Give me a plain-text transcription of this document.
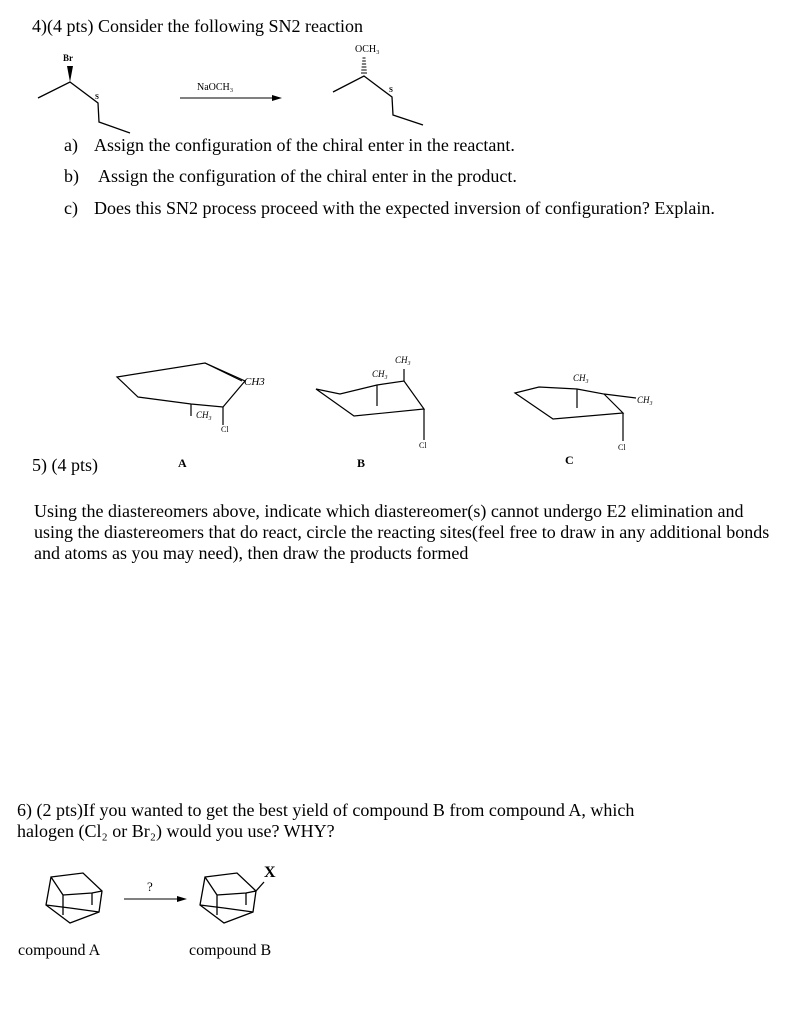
4)(4 pts) Consider the following SN2 reaction
Br
S
NaOCH₃
OCH₃
S
a) Assign the configuration of the chiral enter in the reactant.
b) Assign the configuration of the chiral enter in the product.
c) Does this SN2 process proceed with the expected inversion of configuration? Explain.
CH3
CH₃
Cl
A
CH₃
CH₃
Cl
B
CH₃
CH₃
Cl
C
5) (4 pts)
Using the diastereomers above, indicate which diastereomer(s) cannot undergo E2 elimination and using the diastereomers that do react, circle the reacting sites(feel free to draw in any additional bonds and atoms as you may need), then draw the products formed
6) (2 pts)If you wanted to get the best yield of compound B from compound A, which
halogen (Cl₂ or Br₂) would you use? WHY?
?
X
compound A	compound B
